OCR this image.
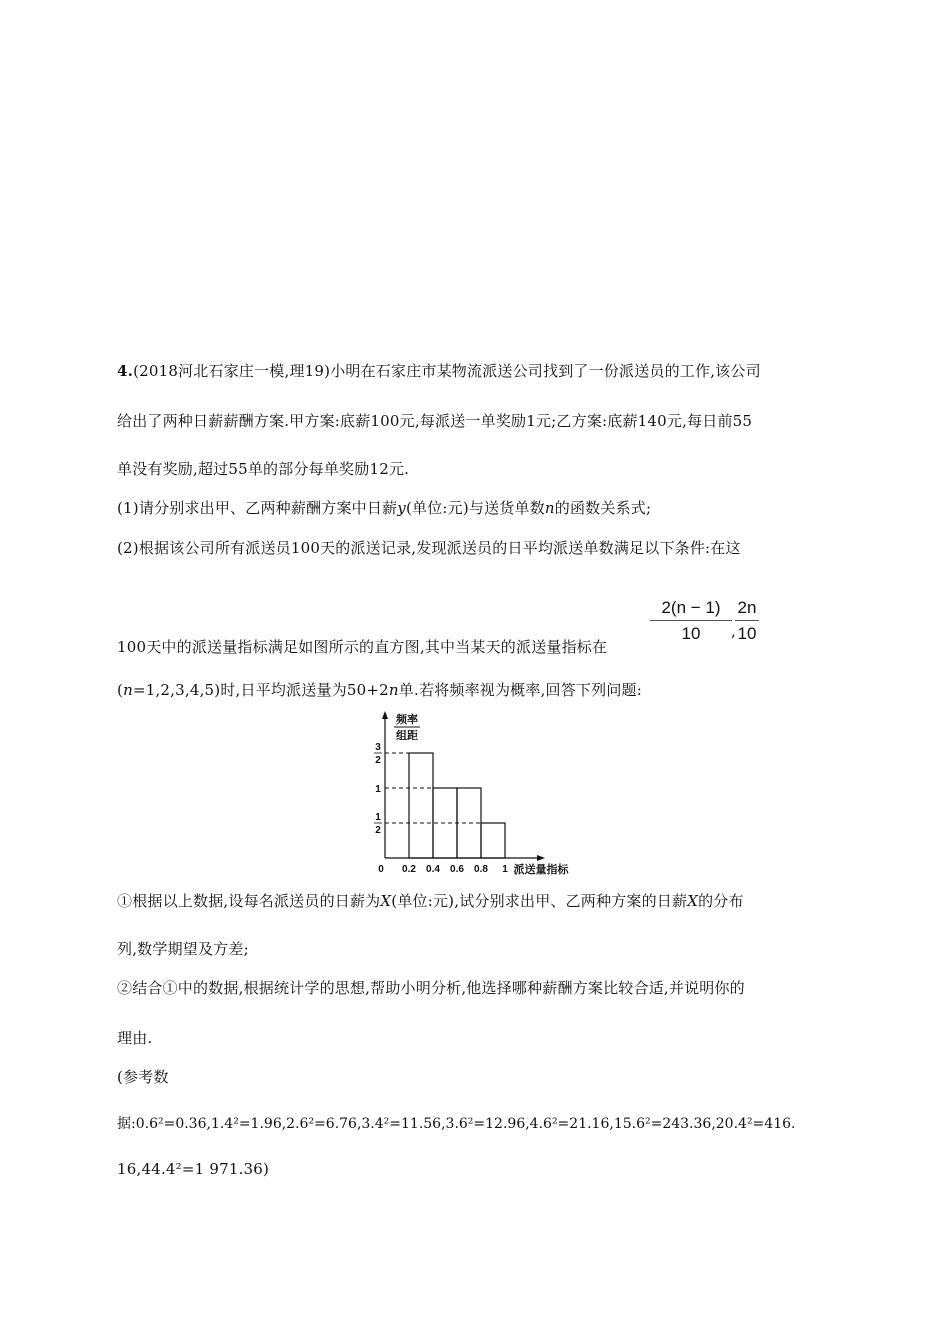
4.(2018河北石家庄一模,理19)小明在石家庄市某物流派送公司找到了一份派送员的工作,该公司
给出了两种日薪薪酬方案.甲方案:底薪100元,每派送一单奖励1元;乙方案:底薪140元,每日前55
单没有奖励,超过55单的部分每单奖励12元.
(1)请分别求出甲、乙两种薪酬方案中日薪y(单位:元)与送货单数n的函数关系式;
(2)根据该公司所有派送员100天的派送记录,发现派送员的日平均派送单数满足以下条件:在这
100天中的派送量指标满足如图所示的直方图,其中当某天的派送量指标在
2(n − 1)
10	,
2n
10
(n=1,2,3,4,5)时,日平均派送量为50+2n单.若将频率视为概率,回答下列问题:
0 0.2 0.4 0.6 0.8 1 派送量指标
频率
组距
3
2
1
1
2
①根据以上数据,设每名派送员的日薪为X(单位:元),试分别求出甲、乙两种方案的日薪X的分布
列,数学期望及方差;
②结合①中的数据,根据统计学的思想,帮助小明分析,他选择哪种薪酬方案比较合适,并说明你的
理由.
(参考数
据:0.6²=0.36,1.4²=1.96,2.6²=6.76,3.4²=11.56,3.6²=12.96,4.6²=21.16,15.6²=243.36,20.4²=416.
16,44.4²=1 971.36)
